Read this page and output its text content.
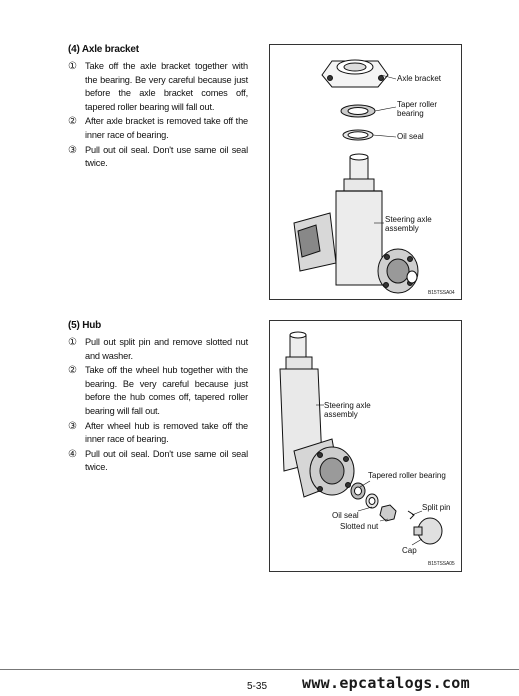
(4) Axle bracket
① Take off the axle bracket together with the bearing. Be very careful because just before the axle bracket comes off, tapered roller bearing will fall out.
② After axle bracket is removed take off the inner race of bearing.
③ Pull out oil seal. Don't use same oil seal twice.
Axle bracket
Taper roller bearing
Oil seal
Steering axle assembly
B15TSSA04
(5) Hub
① Pull out split pin and remove slotted nut and washer.
② Take off the wheel hub together with the bearing. Be very careful because just before the hub comes off, tapered roller bearing will fall out.
③ After wheel hub is removed take off the inner race of bearing.
④ Pull out oil seal. Don't use same oil seal twice.
Steering axle assembly
Tapered roller bearing
Split pin
Oil seal
Slotted nut
Cap
B15TSSA05
5-35 www.epcatalogs.com
